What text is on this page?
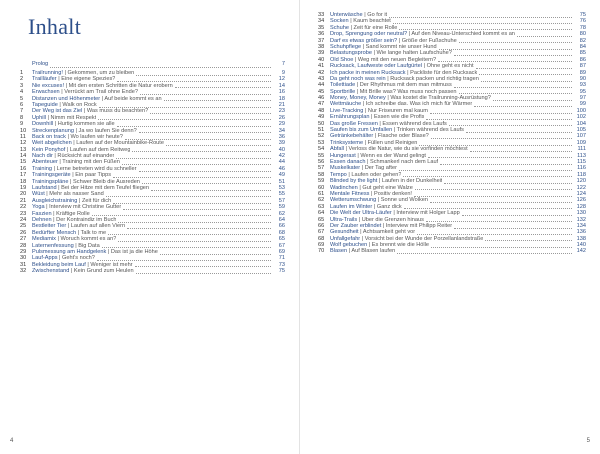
Inhalt
Prolog	7
1	Trailrunning! | Gekommen, um zu bleiben	9
2	Trailläufer | Eine eigene Spezies?	12
3	Nie excuses! | Mit den ersten Schritten die Natur erobern	14
4	Erwachsen | Verrückt am Trail ohne Ende?	16
5	Distanzen und Höhenmeter | Auf beide kommt es an	18
6	Tapeguide | Walk on Rock	21
7	Der Weg ist das Ziel | Was muss du beachten?	23
8	Uphill | Nimm mit Respekt	26
9	Downhill | Hurtig kommen sie alle	29
10	Streckenplanung | Ja wo laufen Sie denn?	34
11	Back on track | Wo laufen wir heute?	36
12	Weit abgelichen | Laufen auf der Mountainbike-Route	39
13	Kein Ponyhof | Laufen auf dem Reitweg	40
14	Nach dir | Rücksicht auf einander	42
15	Abenteuer | Training mit den Füßen	44
16	Training | Lerne betreten wird du schneller	46
17	Trainingsgeräte | Ein paar Tipps	49
18	Trainingspläne | Schwer Bleib die Ausreden	51
19	Laufstand | Bei der Hitze mit dem Teufel fliegen	53
20	Wüst | Mehr als nasser Sand	55
21	Ausgleichstraining | Zeit für dich	57
22	Yoga | Interview mit Christine Gutter	59
23	Faszien | Kräftige Rolle	62
24	Dehnen | Der Kontraindiz im Buch	64
25	Bestleiter Tier | Laufen auf allen Viern	66
26	Bedürfter Mensch | Talk to me	68
27	Mediamix | Woruch kommt es an?	65
28	Laternenfessung | Big Data	67
29	Pulsmessung am Handgelenk | Das ist ja die Höhe	69
30	Lauf-Apps | Geht's noch?	71
31	Bekleidung beim Lauf | Weniger ist mehr	73
32	Zwischenstand | Kein Grund zum Heulen	75
4
33	Unterwäsche | Go for it	75
34	Socken | Kaum beachtet	76
35	Schuhe | Zeit für eine Rolle	78
36	Drop, Sprengung oder neutral? | Auf den Niveau-Unterschied kommt es an	80
37	Darf es etwas größer sein? | Größe der Fußschuhe	82
38	Schuhpflege | Sand kommt nie unser Hund	84
39	Belastungsprobe | Wie lange halten Laufschuhe?	85
40	Old Shoe | Weg mit den neuen Begleitern?	86
41	Rucksack, Laufweste oder Laufgürtel | Ohne geht es nicht	87
42	Ich packe in meinen Rucksack | Packliste für den Rucksack	89
43	Da geht noch was rein | Rucksack packen und richtig tragen	90
44	Toilettiade | Der Rhythmus mit dem man mitmuss	93
45	Sportbrille | Mit Brille was? Was muss noch passen	95
46	Money, Money, Money | Was kostet die Trailrunning-Ausrüstung?	97
47	Wettmäuche | Ich schreibe das. Was ich mich für Wärmer	99
48	Live-Tracking | Nur Friseuren mal kaum	100
49	Ernährungsplan | Essen wie die Profis	102
50	Das große Fressen | Essen während des Laufs	104
51	Saufen bis zum Umfallen | Trinken während des Laufs	105
52	Getränkebehälter | Flasche oder Blase?	107
53	Trinksysteme | Füllen und Reinigen	109
54	Abfall | Verloss die Natur, wie du sie vorfinden möchtest	111
55	Hungerast | Wenn es der Wand gelingt	113
56	Essen danach | Schmankerl nach dem Lauf	115
57	Muskelkater | Der Tag after	116
58	Tempo | Laufen oder gehen?	118
59	Blinded by the light | Laufen in der Dunkelheit	120
60	Wadinchen | Gut geht eine Walze	122
61	Mentale Fitness | Positiv denken!	124
62	Wetterumschwung | Sonne und Wolken	126
63	Laufen im Winter | Ganz dick	128
64	Die Welt der Ultra-Läufer | Interview mit Holger Lapp	130
65	Ultra-Trails | Über die Grenzen hinaus	132
66	Der Zauber erblindet | Interview mit Philipp Reiter	134
67	Gesundheit | Achtsamkeit geht vor	136
68	Unfallgefahr | Vorsicht bei der Wunde der Porzellanlandstraße	138
69	Wolf gebuchen | Es brennt wie die Hölle	140
70	Blasen | Auf Blasen laufen	142
5
